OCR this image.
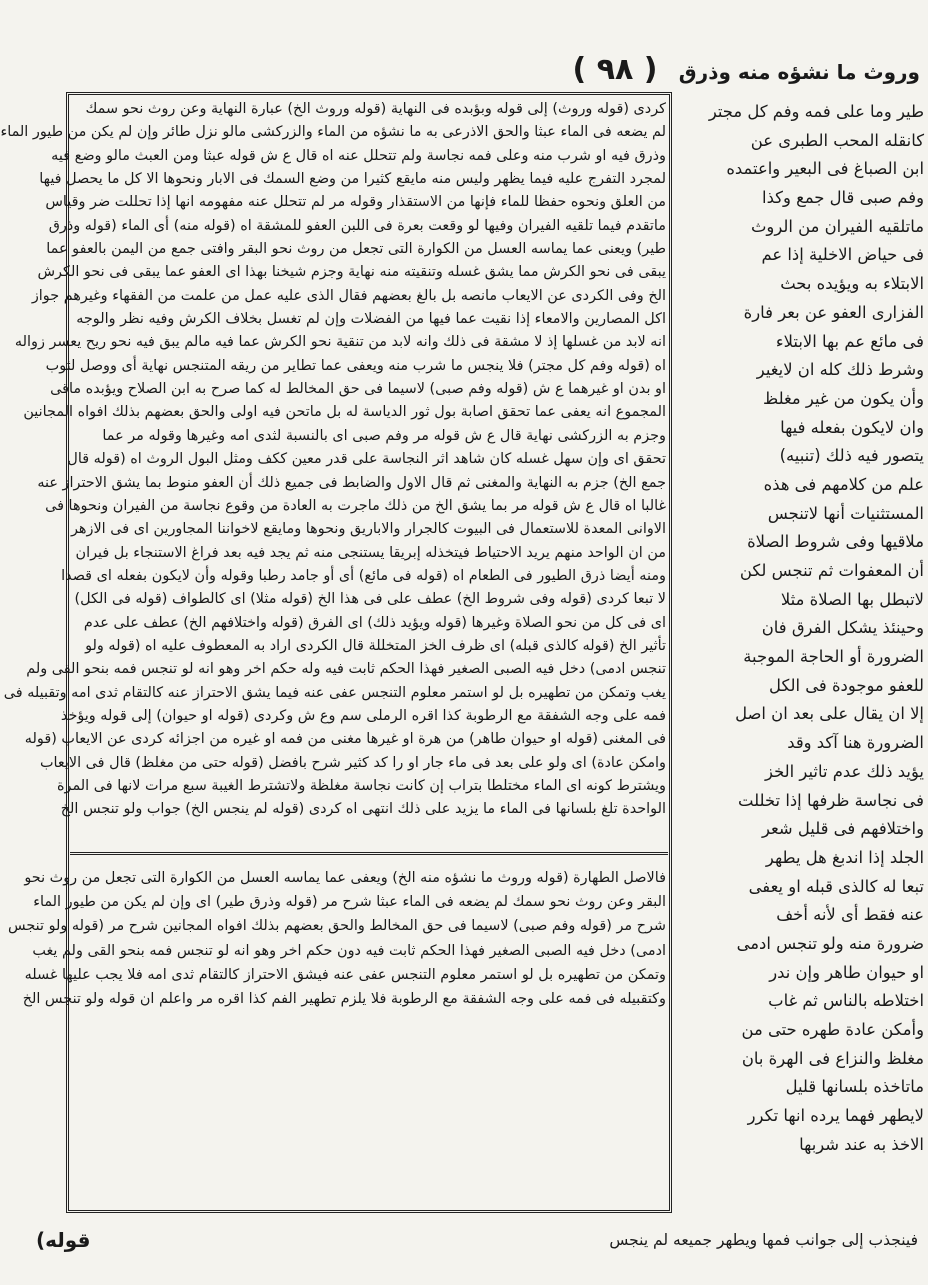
( ٩٨ )	وروث ما نشؤه منه وذرق
كردى (قوله وروث) إلى قوله وبؤبده فى النهاية (قوله وروث الخ) عبارة النهاية وعن روث نحو سمك
لم يضعه فى الماء عبثا والحق الاذرعى به ما نشؤه من الماء والزركشى مالو نزل طائر وإن لم يكن من طيور الماء
وذرق فيه او شرب منه وعلى فمه نجاسة ولم تتحلل عنه اه قال ع ش قوله عبثا ومن العبث مالو وضع فيه
لمجرد التفرج عليه فيما يظهر وليس منه مايقع كثيرا من وضع السمك فى الابار ونحوها الا كل ما يحصل فيها
من العلق ونحوه حفظا للماء فإنها من الاستقذار وقوله مر لم تتحلل عنه مفهومه انها إذا تحللت ضر وقياس
ماتقدم فيما تلقيه الفيران وفيها لو وقعت بعرة فى اللبن العفو للمشقة اه (قوله منه) أى الماء (قوله وذرق
طير) ويعنى عما يماسه العسل من الكوارة التى تجعل من روث نحو البقر وافتى جمع من اليمن بالعفو عما
يبقى فى نحو الكرش مما يشق غسله وتنقيته منه نهاية وجزم شيخنا بهذا اى العفو عما يبقى فى نحو الكرش
الخ وفى الكردى عن الايعاب مانصه بل بالغ بعضهم فقال الذى عليه عمل من علمت من الفقهاء وغيرهم جواز
اكل المصارين والامعاء إذا نقيت عما فيها من الفضلات وإن لم تغسل بخلاف الكرش وفيه نظر والوجه
انه لابد من غسلها إذ لا مشقة فى ذلك وانه لابد من تنقية نحو الكرش عما فيه مالم يبق فيه نحو ريح يعسر زواله
اه (قوله وفم كل مجتر) فلا ينجس ما شرب منه ويعفى عما تطاير من ريقه المتنجس نهاية أى ووصل لثوب
او بدن او غيرهما ع ش (قوله وفم صبى) لاسيما فى حق المخالط له كما صرح به ابن الصلاح ويؤبده ماقى
المجموع انه يعفى عما تحقق اصابة بول ثور الدياسة له بل ماتحن فيه اولى والحق بعضهم بذلك افواه المجانين
وجزم به الزركشى نهاية قال ع ش قوله مر وفم صبى اى بالنسبة لثدى امه وغيرها وقوله مر عما
تحقق اى وإن سهل غسله كان شاهد اثر النجاسة على قدر معين ككف ومثل البول الروث اه (قوله قال
جمع الخ) جزم به النهاية والمغنى ثم قال الاول والضابط فى جميع ذلك أن العفو منوط بما يشق الاحتراز عنه
غالبا اه قال ع ش قوله مر بما يشق الخ من ذلك ماجرت به العادة من وقوع نجاسة من الفيران ونحوها فى
الاوانى المعدة للاستعمال فى البيوت كالجرار والاباريق ونحوها ومايقع لاخواننا المجاورين اى فى الازهر
من ان الواحد منهم يريد الاحتياط فيتخذله إبريقا يستنجى منه ثم يجد فيه بعد فراغ الاستنجاء بل فيران
ومنه أيضا ذرق الطيور فى الطعام اه (قوله فى مائع) أى أو جامد رطبا وقوله وأن لايكون بفعله اى قصدا
لا تبعا كردى (قوله وفى شروط الخ) عطف على فى هذا الخ (قوله مثلا) اى كالطواف (قوله فى الكل)
اى فى كل من نحو الصلاة وغيرها (قوله ويؤيد ذلك) اى الفرق (قوله واختلافهم الخ) عطف على عدم
تأثير الخ (قوله كالذى قبله) اى ظرف الخز المتخللة قال الكردى اراد به المعطوف عليه اه (قوله ولو
تنجس ادمى) دخل فيه الصبى الصغير فهذا الحكم ثابت فيه وله حكم اخر وهو انه لو تنجس فمه بنحو القى ولم
يغب وتمكن من تطهيره بل لو استمر معلوم التنجس عفى عنه فيما يشق الاحتراز عنه كالتقام ثدى امه وتقبيله فى
فمه على وجه الشفقة مع الرطوبة كذا اقره الرملى سم وع ش وكردى (قوله او حيوان) إلى قوله ويؤخذ
فى المغنى (قوله او حيوان طاهر) من هرة او غيرها مغنى من فمه او غيره من اجزائه كردى عن الايعاب (قوله
وامكن عادة) اى ولو على بعد فى ماء جار او را كد كثير شرح بافضل (قوله حتى من مغلظ) قال فى الايعاب
ويشترط كونه اى الماء مختلطا بتراب إن كانت نجاسة مغلظة ولاتشترط الغيبة سبع مرات لانها فى المرة
الواحدة تلغ بلسانها فى الماء ما يزيد على ذلك انتهى اه كردى (قوله لم ينجس الخ) جواب ولو تنجس الخ
فالاصل الطهارة (قوله وروث ما نشؤه منه الخ) ويعفى عما يماسه العسل من الكوارة التى تجعل من روث نحو
البقر وعن روث نحو سمك لم يضعه فى الماء عبثا شرح مر (قوله وذرق طير) اى وإن لم يكن من طيور الماء
شرح مر (قوله وفم صبى) لاسيما فى حق المخالط والحق بعضهم بذلك افواه المجانين شرح مر (قوله ولو تنجس
ادمى) دخل فيه الصبى الصغير فهذا الحكم ثابت فيه دون حكم اخر وهو انه لو تنجس فمه بنحو القى ولم يغب
وتمكن من تطهيره بل لو استمر معلوم التنجس عفى عنه فيشق الاحتراز كالتقام ثدى امه فلا يجب عليها غسله
وكتقبيله فى فمه على وجه الشفقة مع الرطوبة فلا يلزم تطهير الفم كذا اقره مر واعلم ان قوله ولو تنجس الخ
طير وما على فمه وفم كل مجتر
كانقله المحب الطبرى عن
ابن الصباغ فى البعير واعتمده
وفم صبى قال جمع وكذا
ماتلقيه الفيران من الروث
فى حياض الاخلية إذا عم
الابتلاء به ويؤيده بحث
الفزارى العفو عن بعر فارة
فى مائع عم بها الابتلاء
وشرط ذلك كله ان لايغير
وأن يكون من غير مغلظ
وان لايكون بفعله فيها
يتصور فيه ذلك (تنبيه)
علم من كلامهم فى هذه
المستثنيات أنها لاتنجس
ملاقيها وفى شروط الصلاة
أن المعفوات ثم تنجس لكن
لاتبطل بها الصلاة مثلا
وحينئذ يشكل الفرق فان
الضرورة أو الحاجة الموجبة
للعفو موجودة فى الكل
إلا ان يقال على بعد ان اصل
الضرورة هنا آكد وقد
يؤيد ذلك عدم تاثير الخز
فى نجاسة ظرفها إذا تخللت
واختلافهم فى قليل شعر
الجلد إذا اندبغ هل يطهر
تبعا له كالذى قبله او يعفى
عنه فقط أى لأنه أخف
ضرورة منه ولو تنجس ادمى
او حيوان طاهر وإن ندر
اختلاطه بالناس ثم غاب
وأمكن عادة طهره حتى من
مغلظ والنزاع فى الهرة بان
ماتاخذه بلسانها قليل
لايطهر فهما يرده انها تكرر
الاخذ به عند شربها
(قوله	فينجذب إلى جوانب فمها ويطهر جميعه لم ينجس
